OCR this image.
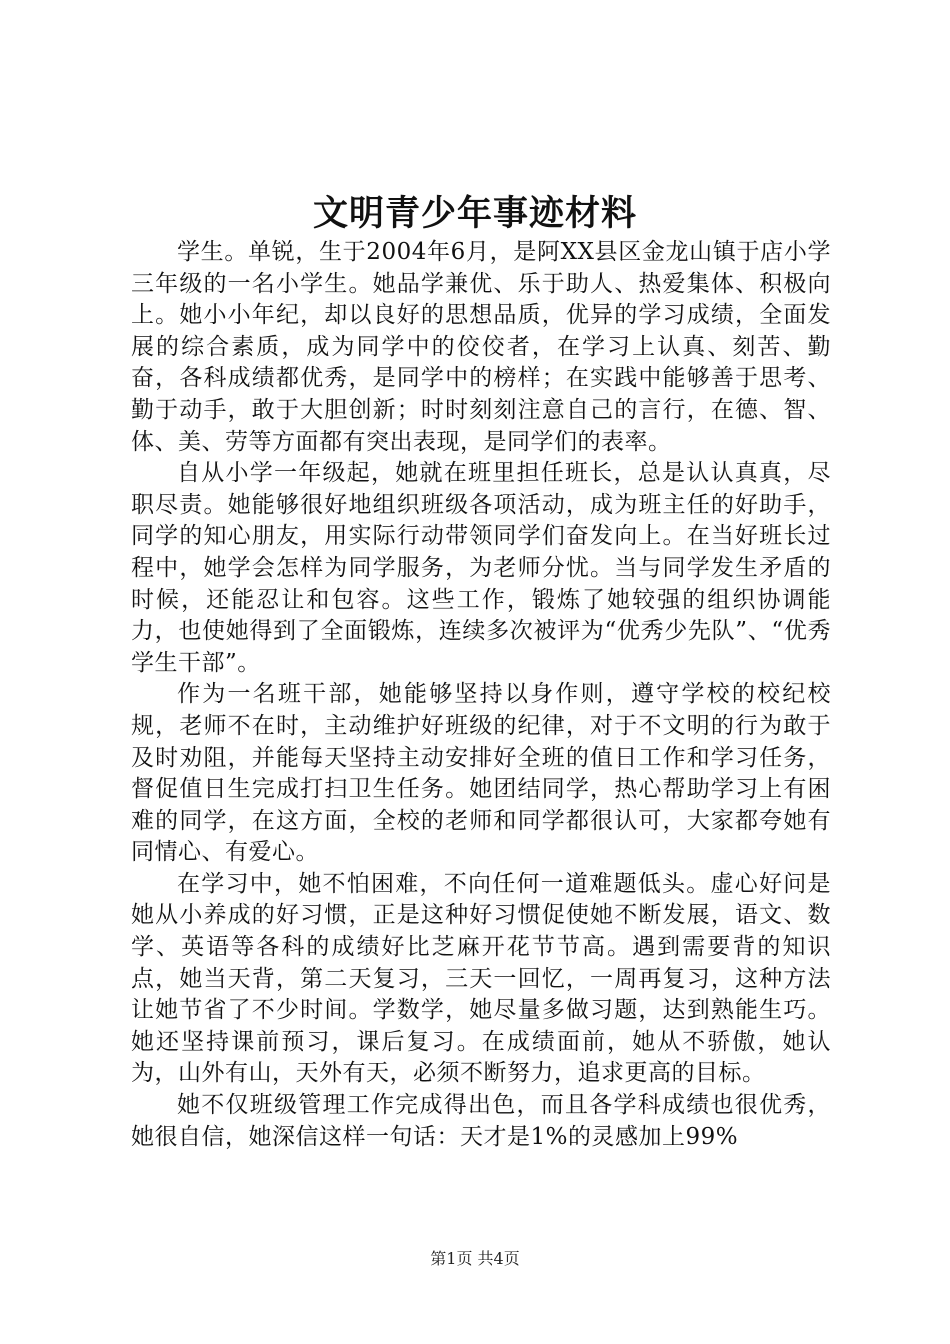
文明青少年事迹材料

学生。单锐，生于2004年6月，是阿XX县区金龙山镇于店小学三年级的一名小学生。她品学兼优、乐于助人、热爱集体、积极向上。她小小年纪，却以良好的思想品质，优异的学习成绩，全面发展的综合素质，成为同学中的佼佼者，在学习上认真、刻苦、勤奋，各科成绩都优秀，是同学中的榜样；在实践中能够善于思考、勤于动手，敢于大胆创新；时时刻刻注意自己的言行，在德、智、体、美、劳等方面都有突出表现，是同学们的表率。

自从小学一年级起，她就在班里担任班长，总是认认真真，尽职尽责。她能够很好地组织班级各项活动，成为班主任的好助手，同学的知心朋友，用实际行动带领同学们奋发向上。在当好班长过程中，她学会怎样为同学服务，为老师分忧。当与同学发生矛盾的时候，还能忍让和包容。这些工作，锻炼了她较强的组织协调能力，也使她得到了全面锻炼，连续多次被评为“优秀少先队”、“优秀学生干部”。

作为一名班干部，她能够坚持以身作则，遵守学校的校纪校规，老师不在时，主动维护好班级的纪律，对于不文明的行为敢于及时劝阻，并能每天坚持主动安排好全班的值日工作和学习任务，督促值日生完成打扫卫生任务。她团结同学，热心帮助学习上有困难的同学，在这方面，全校的老师和同学都很认可，大家都夸她有同情心、有爱心。

在学习中，她不怕困难，不向任何一道难题低头。虚心好问是她从小养成的好习惯，正是这种好习惯促使她不断发展，语文、数学、英语等各科的成绩好比芝麻开花节节高。遇到需要背的知识点，她当天背，第二天复习，三天一回忆，一周再复习，这种方法让她节省了不少时间。学数学，她尽量多做习题，达到熟能生巧。她还坚持课前预习，课后复习。在成绩面前，她从不骄傲，她认为，山外有山，天外有天，必须不断努力，追求更高的目标。

她不仅班级管理工作完成得出色，而且各学科成绩也很优秀，她很自信，她深信这样一句话：天才是1%的灵感加上99%

第1页 共4页
